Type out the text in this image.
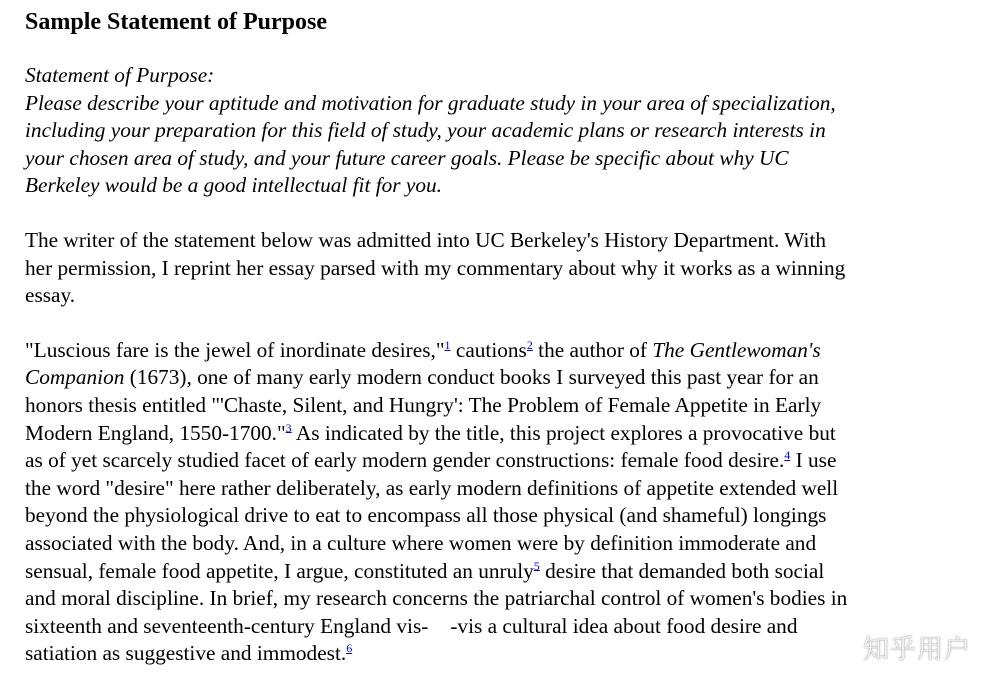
Sample Statement of Purpose
Statement of Purpose:
Please describe your aptitude and motivation for graduate study in your area of specialization,
including your preparation for this field of study, your academic plans or research interests in
your chosen area of study, and your future career goals. Please be specific about why UC
Berkeley would be a good intellectual fit for you.
The writer of the statement below was admitted into UC Berkeley's History Department. With
her permission, I reprint her essay parsed with my commentary about why it works as a winning
essay.
"Luscious fare is the jewel of inordinate desires,"$^1$ cautions$^2$ the author of The Gentlewoman's
Companion (1673), one of many early modern conduct books I surveyed this past year for an
honors thesis entitled "'Chaste, Silent, and Hungry': The Problem of Female Appetite in Early
Modern England, 1550-1700."$^3$ As indicated by the title, this project explores a provocative but
as of yet scarcely studied facet of early modern gender constructions: female food desire.$^4$ I use
the word "desire" here rather deliberately, as early modern definitions of appetite extended well
beyond the physiological drive to eat to encompass all those physical (and shameful) longings
associated with the body. And, in a culture where women were by definition immoderate and
sensual, female food appetite, I argue, constituted an unruly$^5$ desire that demanded both social
and moral discipline. In brief, my research concerns the patriarchal control of women's bodies in
sixteenth and seventeenth-century England vis- -vis a cultural idea about food desire and
satiation as suggestive and immodest.$^6$	知乎用户
